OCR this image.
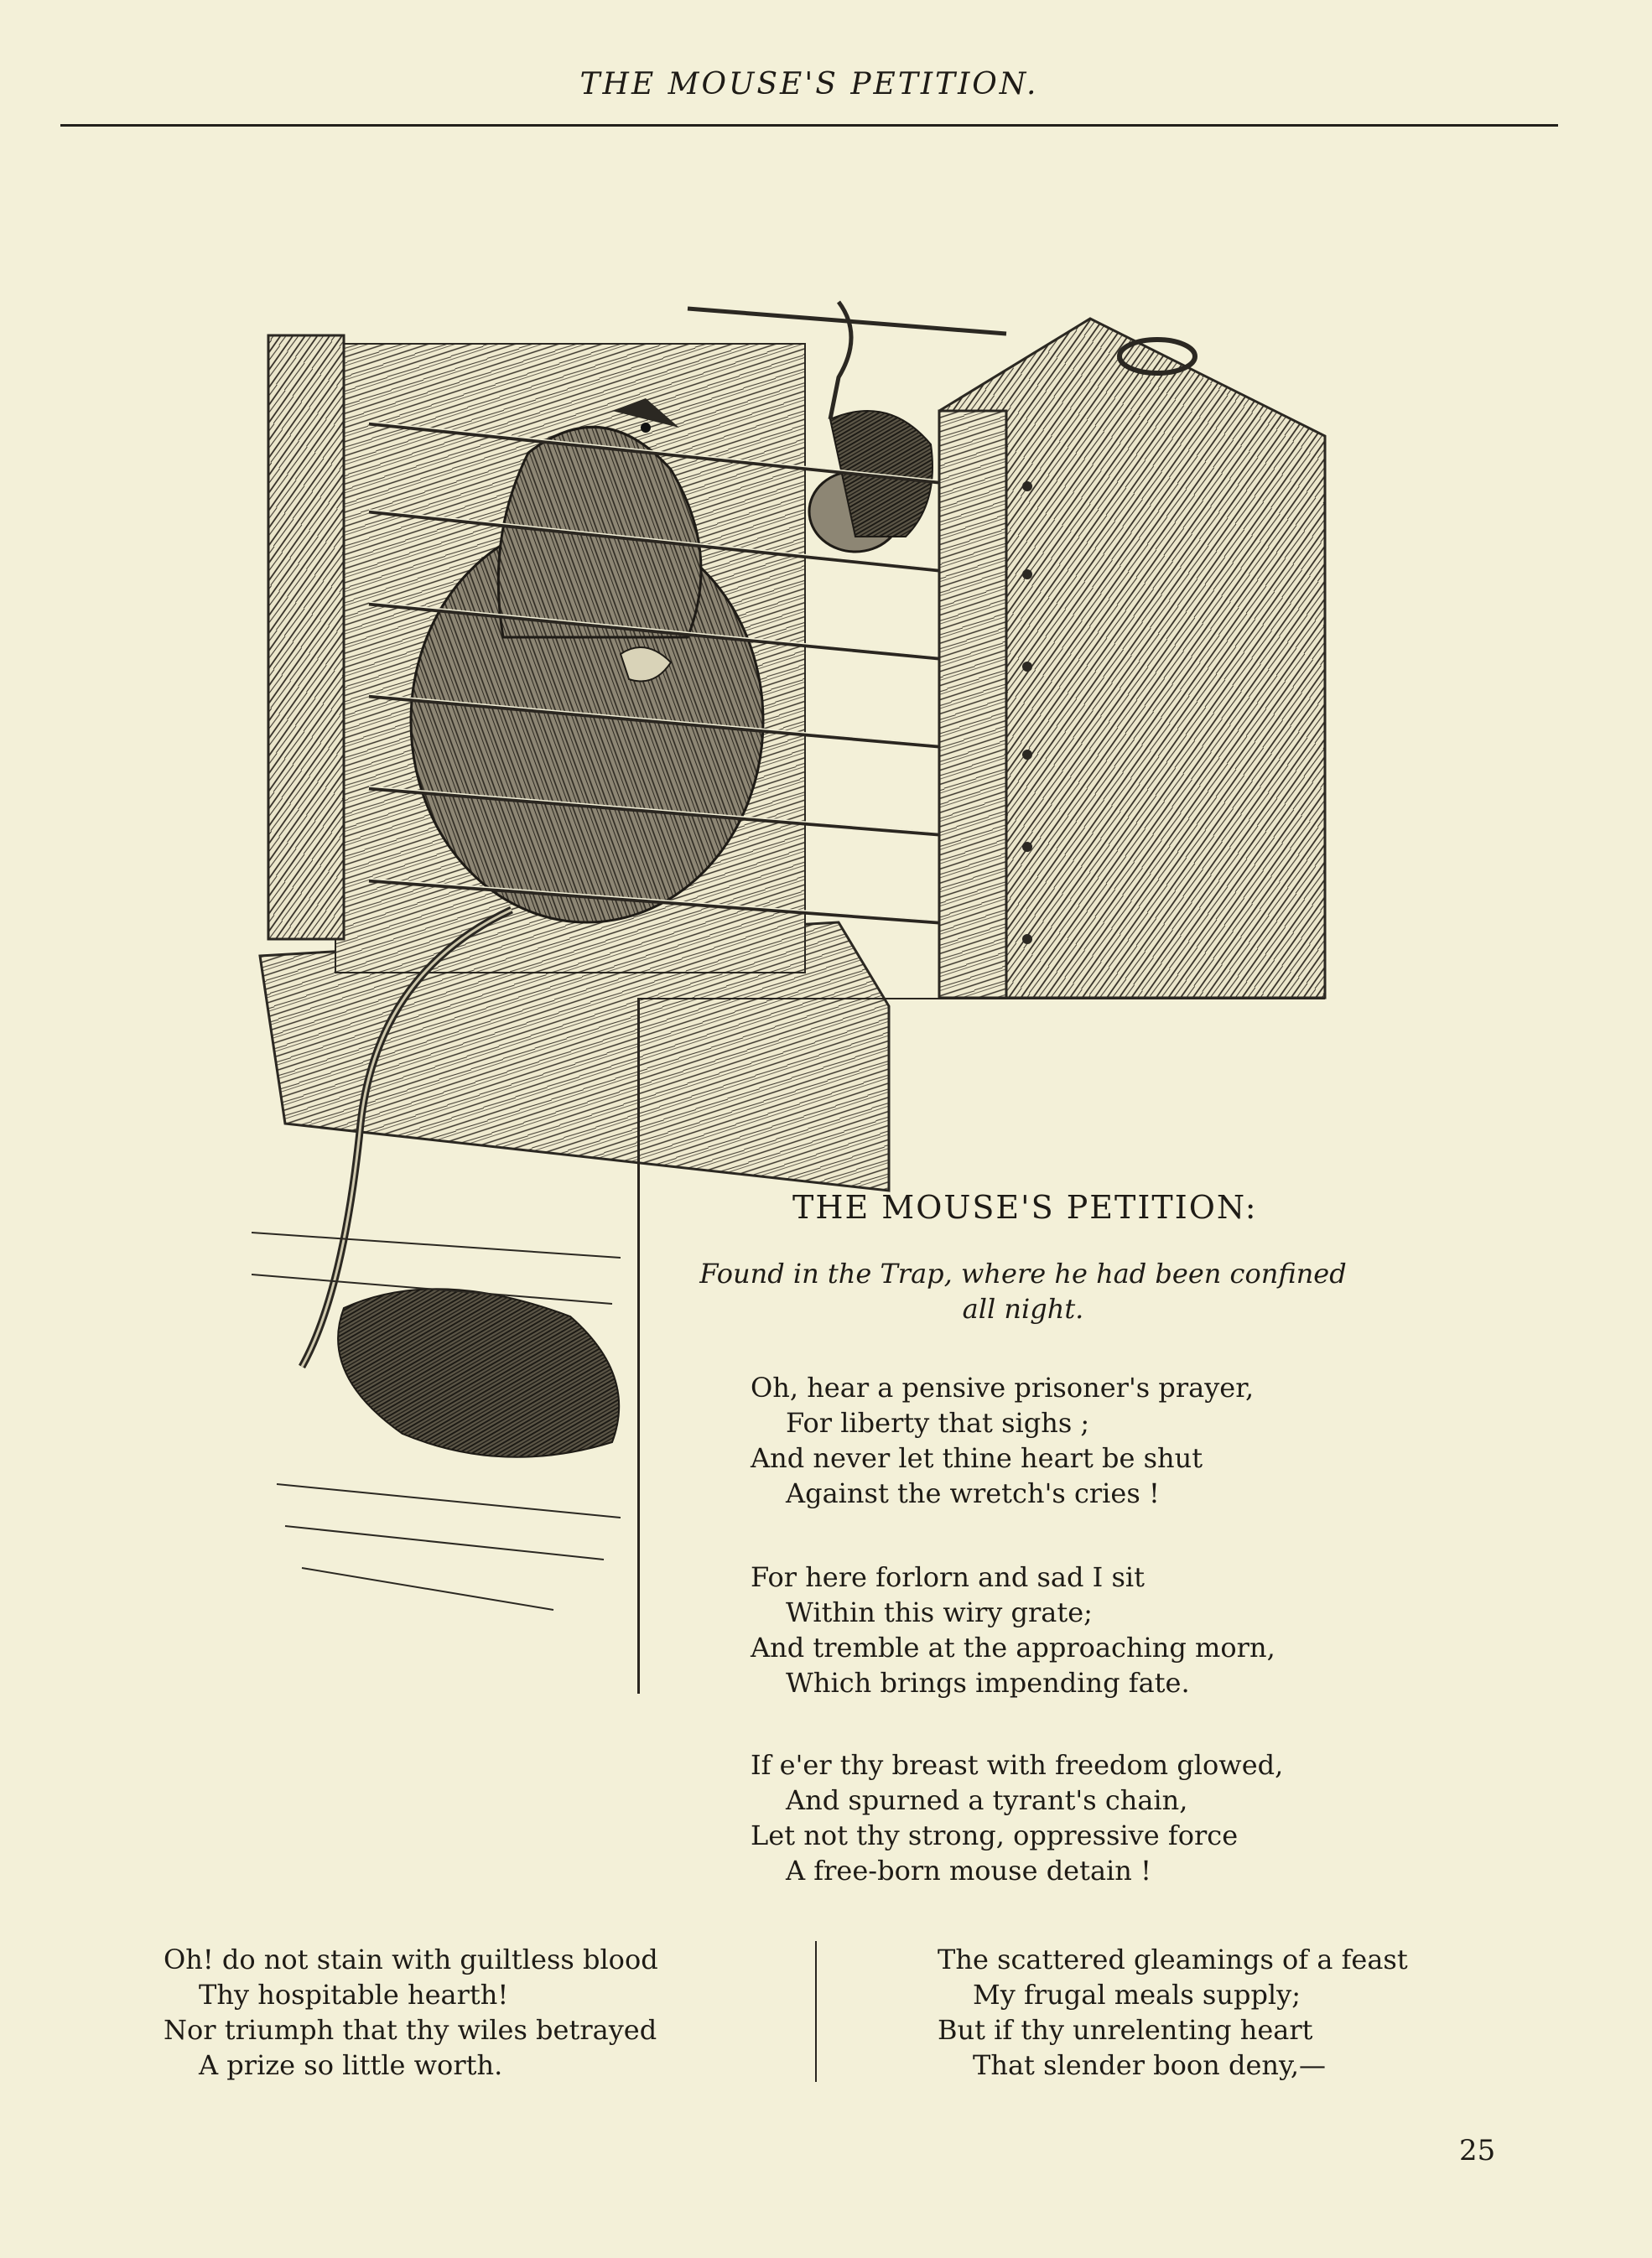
THE MOUSE'S PETITION.
THE MOUSE'S PETITION:
Found in the Trap, where he had been confined
all night.
Oh, hear a pensive prisoner's prayer,
For liberty that sighs ;
And never let thine heart be shut
Against the wretch's cries !
For here forlorn and sad I sit
Within this wiry grate;
And tremble at the approaching morn,
Which brings impending fate.
If e'er thy breast with freedom glowed,
And spurned a tyrant's chain,
Let not thy strong, oppressive force
A free-born mouse detain !
Oh! do not stain with guiltless blood
Thy hospitable hearth!
Nor triumph that thy wiles betrayed
A prize so little worth.
The scattered gleamings of a feast
My frugal meals supply;
But if thy unrelenting heart
That slender boon deny,—
25
